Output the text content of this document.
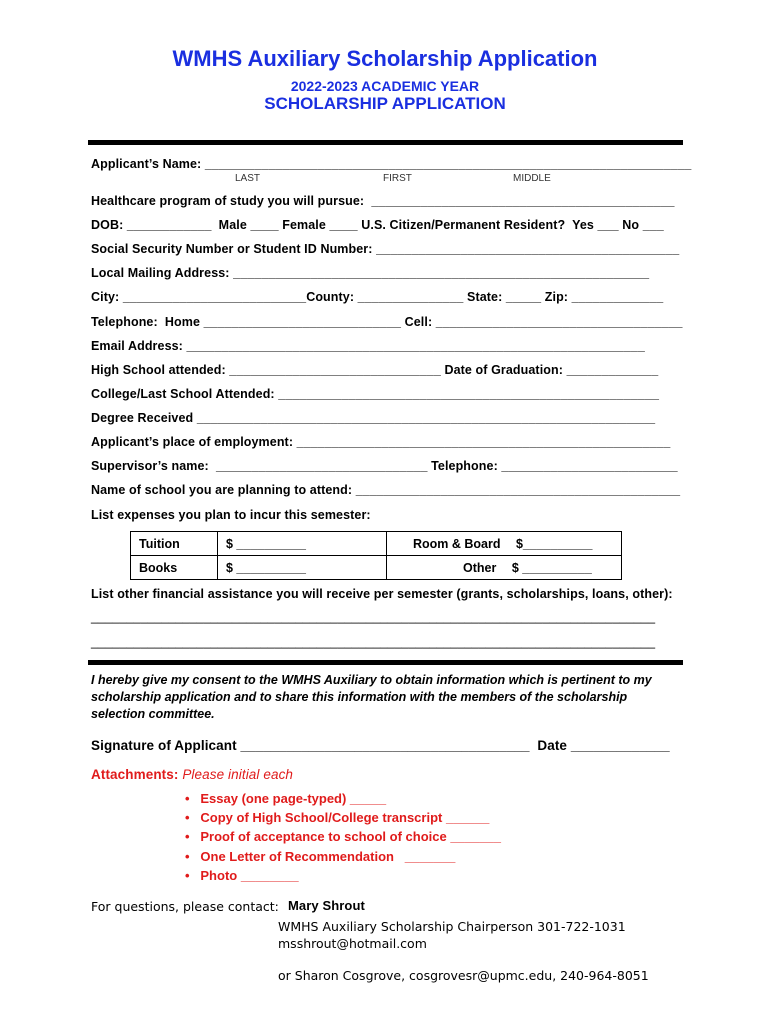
WMHS Auxiliary Scholarship Application
2022-2023 ACADEMIC YEAR
SCHOLARSHIP APPLICATION
Applicant’s Name: _____________________________________________________________________
LAST	FIRST	MIDDLE
Healthcare program of study you will pursue:  ___________________________________________
DOB: ____________  Male ____ Female ____ U.S. Citizen/Permanent Resident?  Yes ___ No ___
Social Security Number or Student ID Number: ___________________________________________
Local Mailing Address: ___________________________________________________________
City: __________________________County: _______________ State: _____ Zip: _____________
Telephone:  Home ____________________________ Cell: ___________________________________
Email Address: _________________________________________________________________
High School attended: ______________________________ Date of Graduation: _____________
College/Last School Attended: ______________________________________________________
Degree Received _________________________________________________________________
Applicant’s place of employment: _____________________________________________________
Supervisor’s name:  ______________________________ Telephone: _________________________
Name of school you are planning to attend: ______________________________________________
List expenses you plan to incur this semester:
Tuition	$ __________	Room & Board $__________
Books	$ __________	Other $ __________
List other financial assistance you will receive per semester (grants, scholarships, loans, other):
________________________________________________________________________________
________________________________________________________________________________
I hereby give my consent to the WMHS Auxiliary to obtain information which is pertinent to my scholarship application and to share this information with the members of the scholarship selection committee.
Signature of Applicant ______________________________________  Date _____________
Attachments: Please initial each
•   Essay (one page-typed) _____
•   Copy of High School/College transcript ______
•   Proof of acceptance to school of choice _______
•   One Letter of Recommendation   _______
•   Photo ________
For questions, please contact: Mary Shrout
WMHS Auxiliary Scholarship Chairperson 301-722-1031
msshrout@hotmail.com
or Sharon Cosgrove, cosgrovesr@upmc.edu, 240-964-8051
